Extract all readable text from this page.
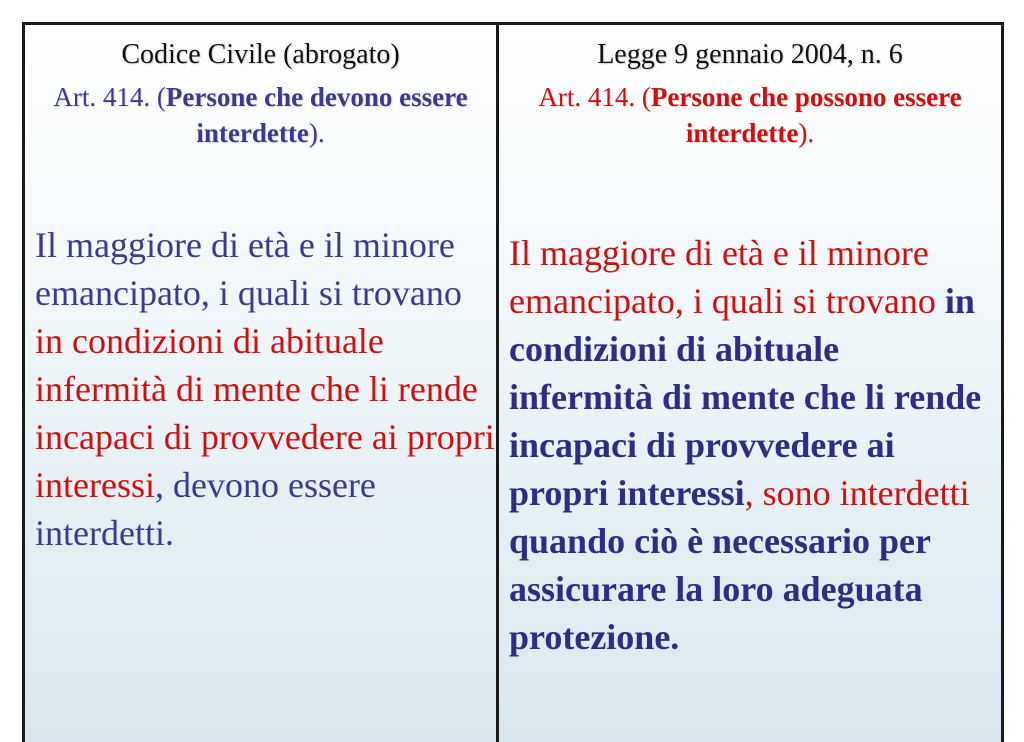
Codice Civile (abrogato)
Art. 414. (Persone che devono essere interdette).
Il maggiore di età e il minore emancipato, i quali si trovano in condizioni di abituale infermità di mente che li rende incapaci di provvedere ai propri interessi, devono essere interdetti.
Legge 9 gennaio 2004, n. 6
Art. 414. (Persone che possono essere interdette).
Il maggiore di età e il minore emancipato, i quali si trovano in condizioni di abituale infermità di mente che li rende incapaci di provvedere ai propri interessi, sono interdetti quando ciò è necessario per assicurare la loro adeguata protezione.
